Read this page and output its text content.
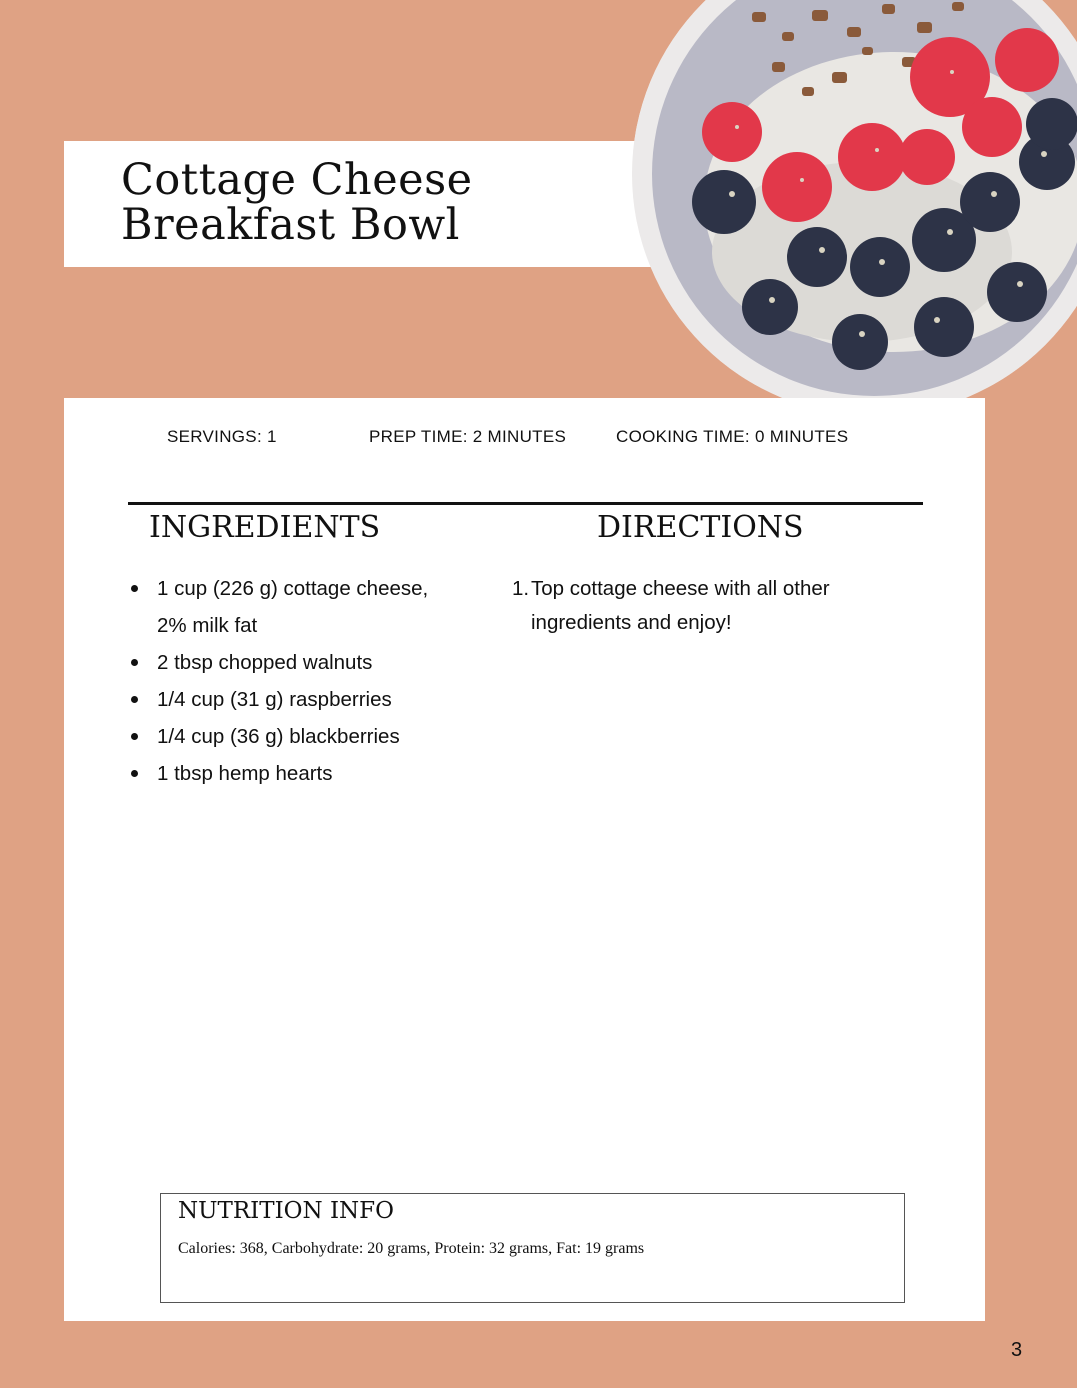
Cottage Cheese
Breakfast Bowl
SERVINGS: 1	PREP TIME: 2 MINUTES	COOKING TIME: 0 MINUTES
INGREDIENTS	DIRECTIONS
1 cup (226 g) cottage cheese, 2% milk fat
2 tbsp chopped walnuts
1/4 cup (31 g) raspberries
1/4 cup (36 g) blackberries
1 tbsp hemp hearts
1. Top cottage cheese with all other ingredients and enjoy!
NUTRITION INFO

Calories: 368, Carbohydrate: 20 grams, Protein: 32 grams, Fat: 19 grams

3
